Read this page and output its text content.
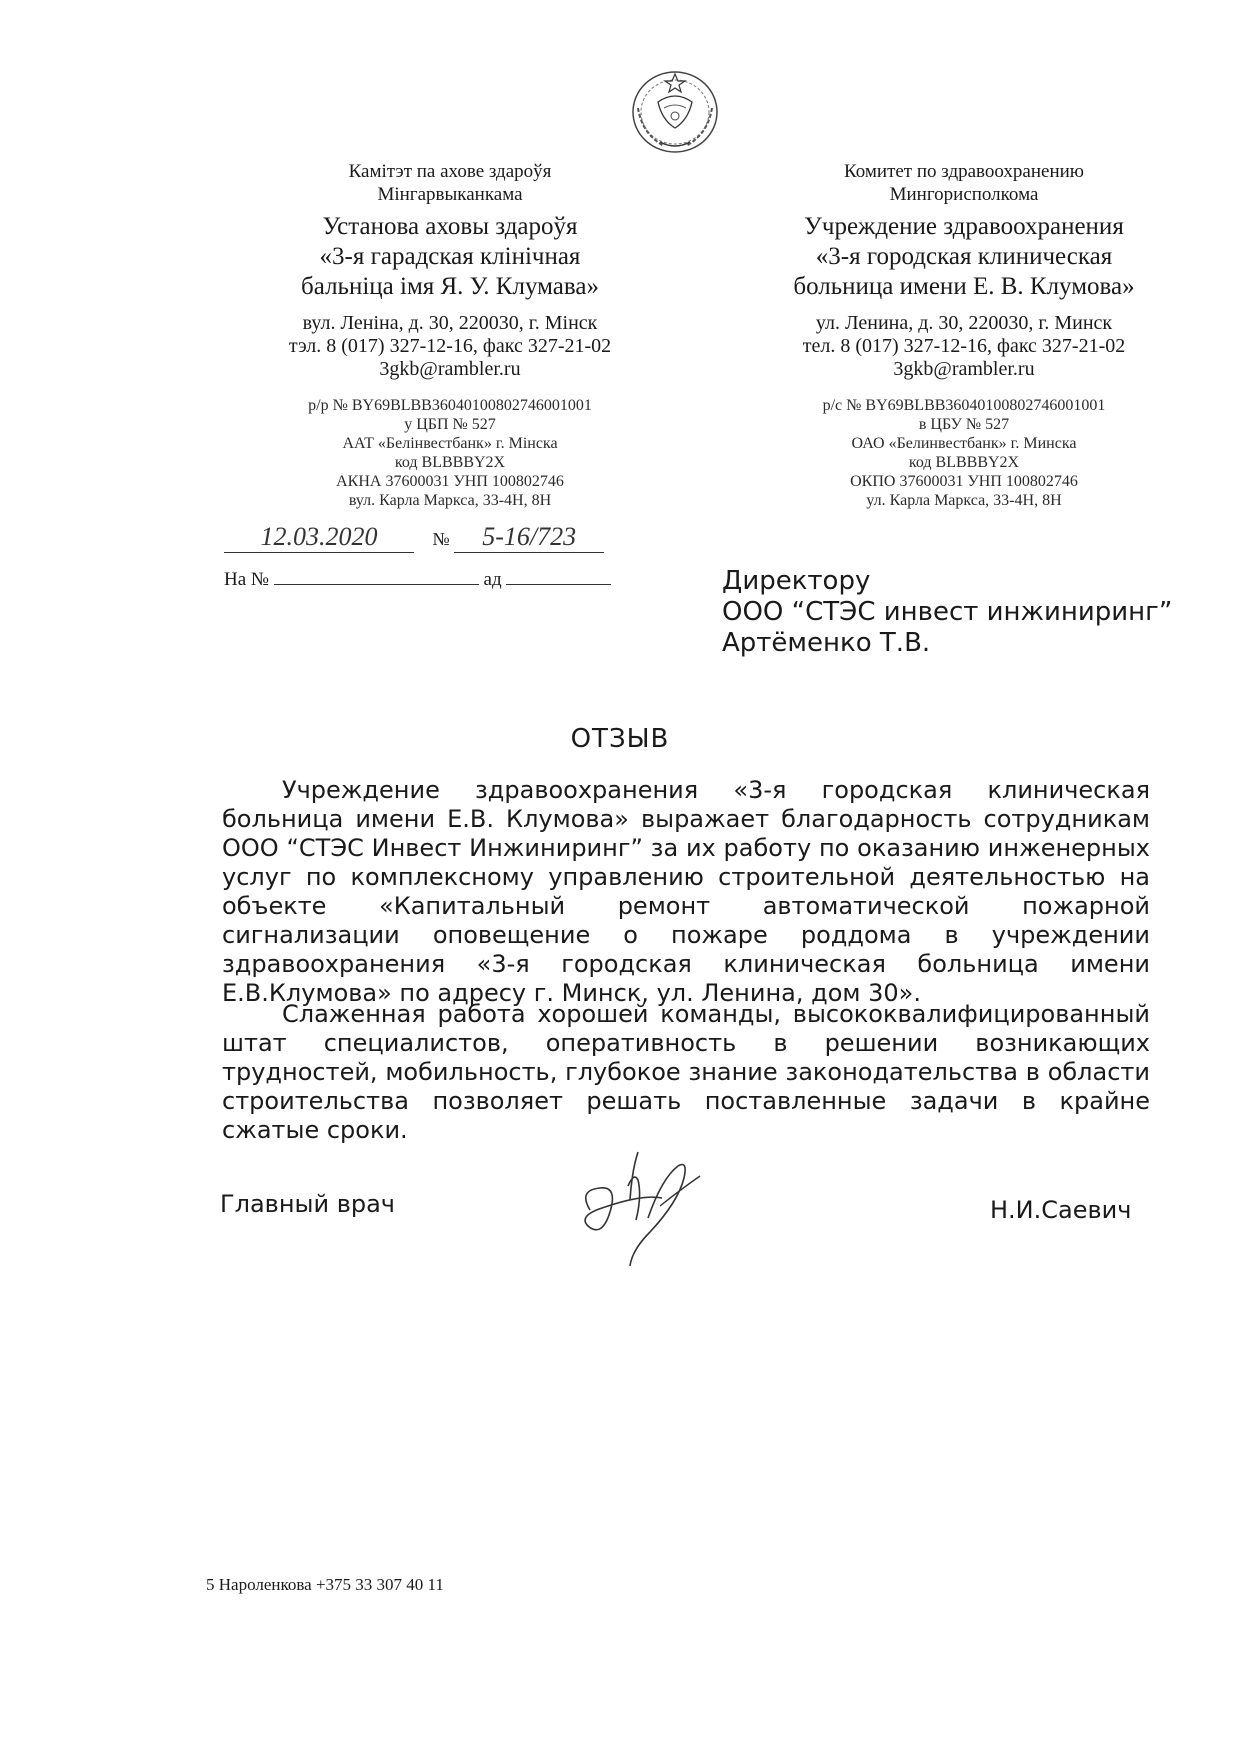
Камітэт па ахове здароўя
Мінгарвыканкама
Установа аховы здароўя
«3-я гарадская клінічная
бальніца імя Я. У. Клумава»
вул. Леніна, д. 30, 220030, г. Мінск
тэл. 8 (017) 327-12-16, факс 327-21-02
3gkb@rambler.ru
р/р № BY69BLBB36040100802746001001
у ЦБП № 527
ААТ «Белінвестбанк» г. Мінска
код BLBBBY2X
АКНА 37600031 УНП 100802746
вул. Карла Маркса, 33-4Н, 8Н
Комитет по здравоохранению
Мингорисполкома
Учреждение здравоохранения
«3-я городская клиническая
больница имени Е. В. Клумова»
ул. Ленина, д. 30, 220030, г. Минск
тел. 8 (017) 327-12-16, факс 327-21-02
3gkb@rambler.ru
р/с № BY69BLBB36040100802746001001
в ЦБУ № 527
ОАО «Белинвестбанк» г. Минска
код BLBBBY2X
ОКПО 37600031 УНП 100802746
ул. Карла Маркса, 33-4Н, 8Н
12.03.2020	№ 5-16/723
На №	ад	Директору
ООО “СТЭС инвест инжиниринг”
Артёменко Т.В.
ОТЗЫВ

Учреждение здравоохранения «3-я городская клиническая больница имени Е.В. Клумова» выражает благодарность сотрудникам ООО “СТЭС Инвест Инжиниринг” за их работу по оказанию инженерных услуг по комплексному управлению строительной деятельностью на объекте «Капитальный ремонт автоматической пожарной сигнализации оповещение о пожаре роддома в учреждении здравоохранения «3-я городская клиническая больница имени Е.В.Клумова» по адресу г. Минск, ул. Ленина, дом 30».

Слаженная работа хорошей команды, высококвалифицированный штат специалистов, оперативность в решении возникающих трудностей, мобильность, глубокое знание законодательства в области строительства позволяет решать поставленные задачи в крайне сжатые сроки.

Главный врач	Н.И.Саевич
5 Нароленкова +375 33 307 40 11
